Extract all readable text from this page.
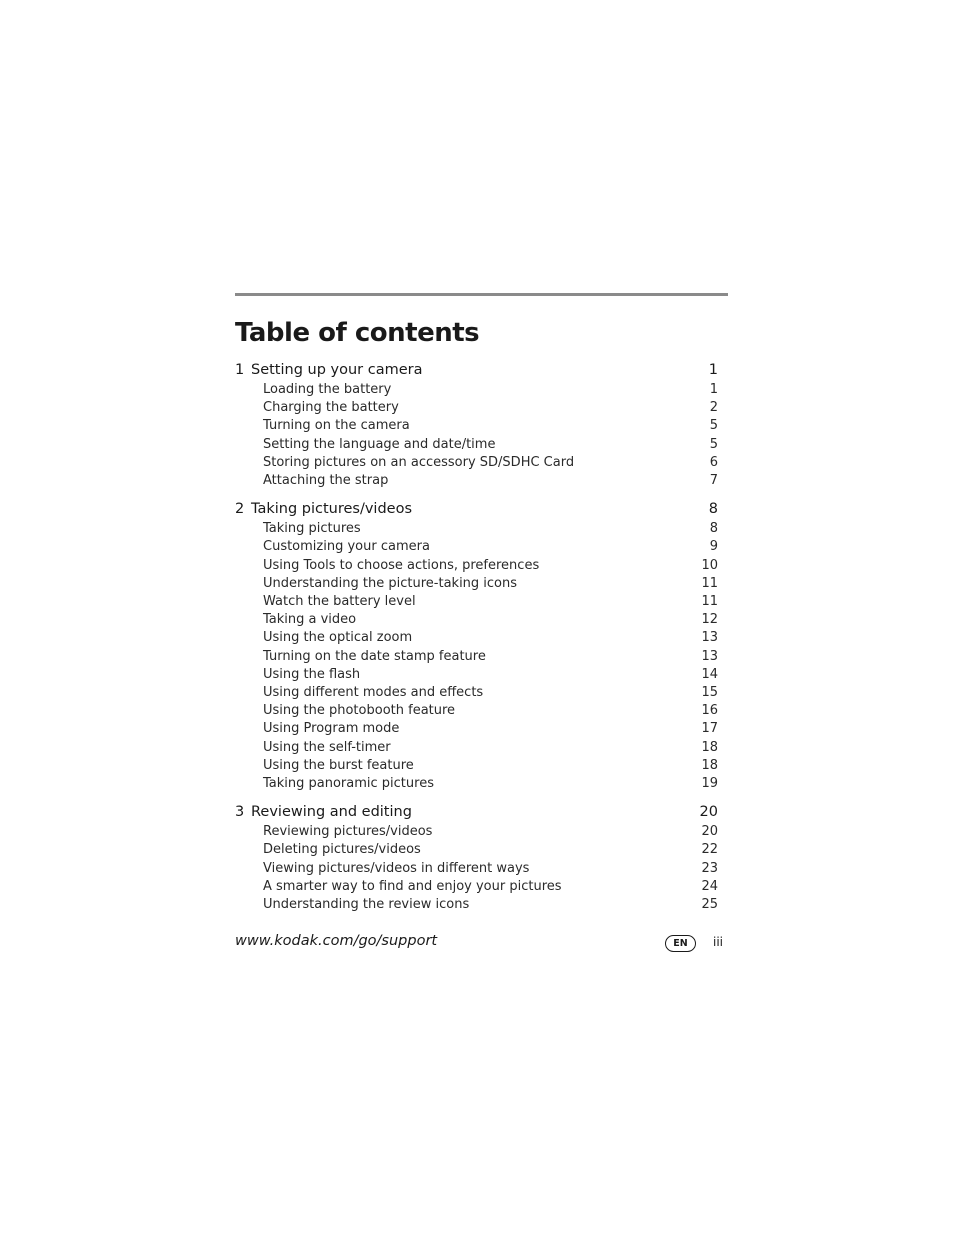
Table of contents
1 Setting up your camera	1
Loading the battery	1
Charging the battery	2
Turning on the camera	5
Setting the language and date/time	5
Storing pictures on an accessory SD/SDHC Card	6
Attaching the strap	7
2 Taking pictures/videos	8
Taking pictures	8
Customizing your camera	9
Using Tools to choose actions, preferences	10
Understanding the picture-taking icons	11
Watch the battery level	11
Taking a video	12
Using the optical zoom	13
Turning on the date stamp feature	13
Using the flash	14
Using different modes and effects	15
Using the photobooth feature	16
Using Program mode	17
Using the self-timer	18
Using the burst feature	18
Taking panoramic pictures	19
3 Reviewing and editing	20
Reviewing pictures/videos	20
Deleting pictures/videos	22
Viewing pictures/videos in different ways	23
A smarter way to find and enjoy your pictures	24
Understanding the review icons	25
www.kodak.com/go/support	EN	iii
